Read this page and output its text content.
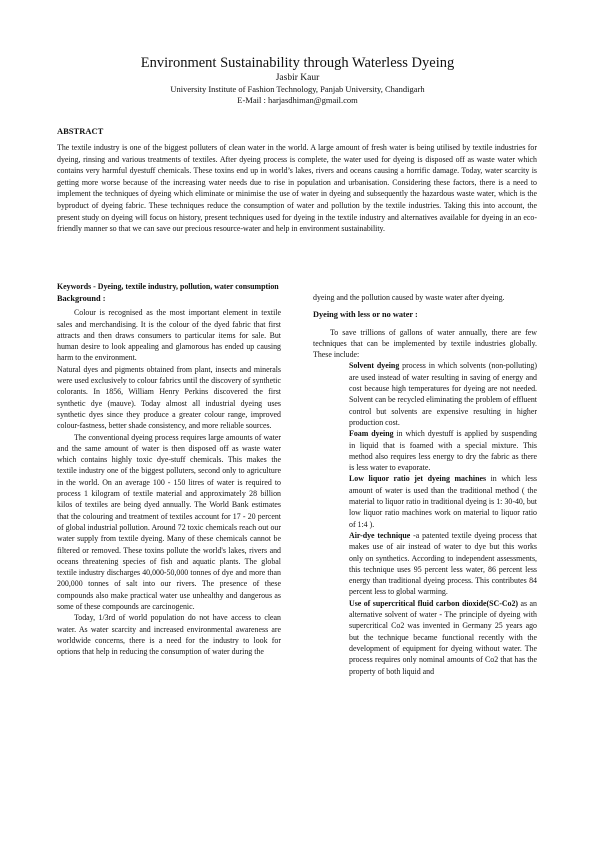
Environment Sustainability through Waterless Dyeing
Jasbir Kaur
University Institute of Fashion Technology, Panjab University, Chandigarh
E-Mail : harjasdhiman@gmail.com
ABSTRACT

The textile industry is one of the biggest polluters of clean water in the world. A large amount of fresh water is being utilised by textile industries for dyeing, rinsing and various treatments of textiles. After dyeing process is complete, the water used for dyeing is disposed off as waste water which contains very harmful dyestuff chemicals. These toxins end up in world’s lakes, rivers and oceans causing a horrific damage. Today, water scarcity is getting more worse because of the increasing water needs due to rise in population and urbanisation. Considering these factors, there is a need to implement the techniques of dyeing which eliminate or minimise the use of water in dyeing and subsequently the hazardous waste water, which is the byproduct of dyeing fabric. These techniques reduce the consumption of water and pollution by the textile industries. Taking this into account, the present study on dyeing will focus on history, present techniques used for dyeing in the textile industry and alternatives available for dyeing in an eco-friendly manner so that we can save our precious resource-water and help in environment sustainability.

Keywords - Dyeing, textile industry, pollution, water consumption

Background :

Colour is recognised as the most important element in textile sales and merchandising. It is the colour of the dyed fabric that first attracts and then draws consumers to particular items for sale. But human desire to look appealing and glamorous has ended up causing harm to the environment.

Natural dyes and pigments obtained from plant, insects and minerals were used exclusively to colour fabrics until the discovery of synthetic colorants. In 1856, William Henry Perkins discovered the first synthetic dye (mauve). Today almost all industrial dyeing uses synthetic dyes since they produce a greater colour range, improved colour-fastness, better shade consistency, and more reliable sources.

The conventional dyeing process requires large amounts of water and the same amount of water is then disposed off as waste water which contains highly toxic dye-stuff chemicals. This makes the textile industry one of the biggest polluters, second only to agriculture in the world. On an average 100 - 150 litres of water is required to process 1 kilogram of textile material and approximately 28 billion kilos of textiles are being dyed annually. The World Bank estimates that the colouring and treatment of textiles account for 17 - 20 percent of global industrial pollution. Around 72 toxic chemicals reach out our water supply from textile dyeing. Many of these chemicals cannot be filtered or removed. These toxins pollute the world's lakes, rivers and oceans threatening species of fish and aquatic plants. The global textile industry discharges 40,000-50,000 tonnes of dye and more than 200,000 tonnes of salt into our rivers. The presence of these compounds also make practical water use unhealthy and dangerous as some of these compounds are carcinogenic.

Today, 1/3rd of world population do not have access to clean water. As water scarcity and increased environmental awareness are worldwide concerns, there is a need for the industry to look for options that help in reducing the consumption of water during the

dyeing and the pollution caused by waste water after dyeing.

Dyeing with less or no water :

To save trillions of gallons of water annually, there are few techniques that can be implemented by textile industries globally. These include:

Solvent dyeing process in which solvents (non-polluting) are used instead of water resulting in saving of energy and cost because high temperatures for dyeing are not needed. Solvent can be recycled eliminating the problem of effluent control but solvents are expensive resulting in higher production cost.

Foam dyeing in which dyestuff is applied by suspending in liquid that is foamed with a special mixture. This method also requires less energy to dry the fabric as there is less water to evaporate.

Low liquor ratio jet dyeing machines in which less amount of water is used than the traditional method ( the material to liquor ratio in traditional dyeing is 1: 30-40, but low liquor ratio machines work on material to liquor ratio of 1:4 ).

Air-dye technique -a patented textile dyeing process that makes use of air instead of water to dye but this works only on synthetics. According to independent assessments, this technique uses 95 percent less water, 86 percent less energy than traditional dyeing process. This contributes 84 percent less to global warming.

Use of supercritical fluid carbon dioxide(SC-Co2) as an alternative solvent of water - The principle of dyeing with supercritical Co2 was invented in Germany 25 years ago but the technique became functional recently with the development of equipment for dyeing without water. The process requires only nominal amounts of Co2 that has the property of both liquid and
